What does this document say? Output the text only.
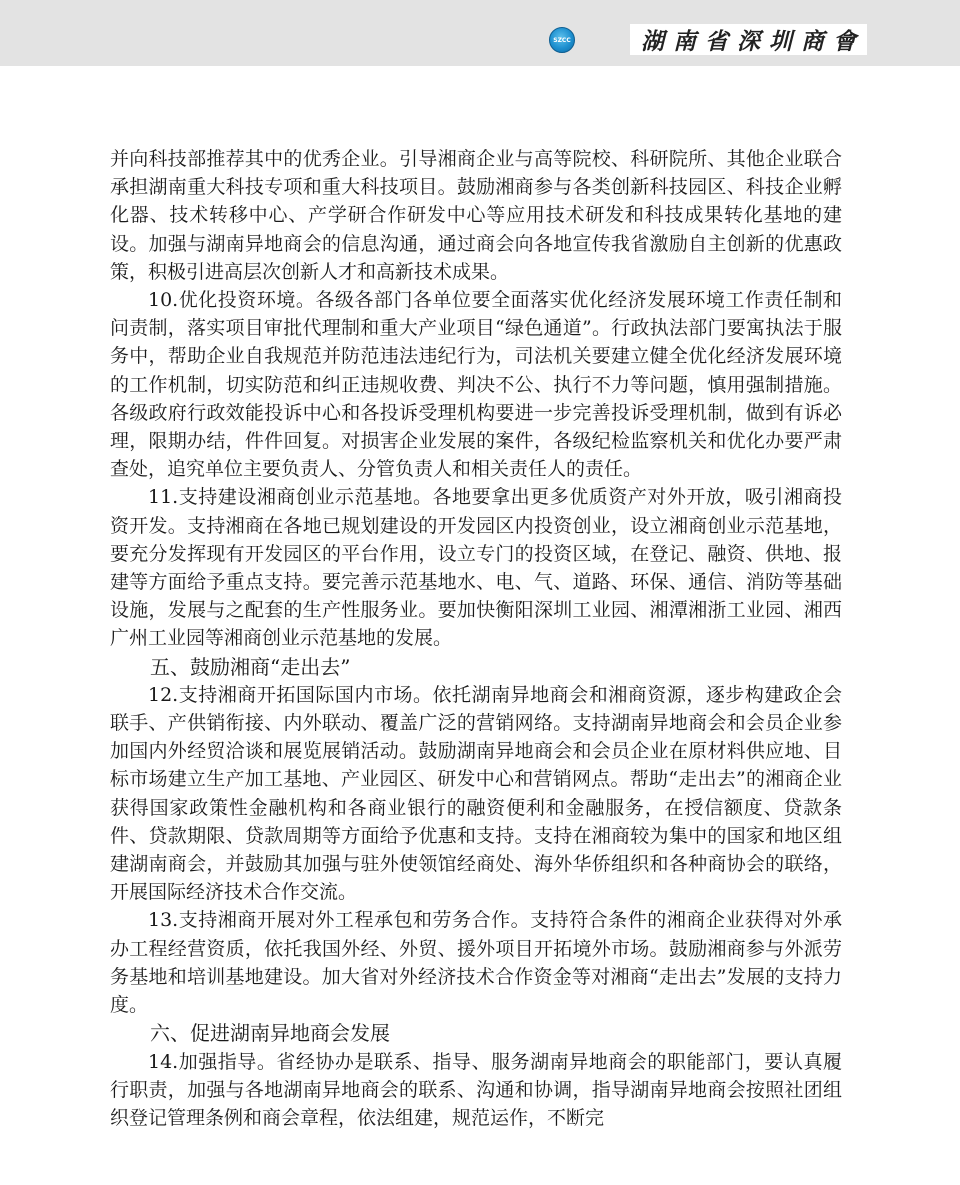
SZCC	湖南省深圳商會

并向科技部推荐其中的优秀企业。引导湘商企业与高等院校、科研院所、其他企业联合承担湖南重大科技专项和重大科技项目。鼓励湘商参与各类创新科技园区、科技企业孵化器、技术转移中心、产学研合作研发中心等应用技术研发和科技成果转化基地的建设。加强与湖南异地商会的信息沟通，通过商会向各地宣传我省激励自主创新的优惠政策，积极引进高层次创新人才和高新技术成果。

10.优化投资环境。各级各部门各单位要全面落实优化经济发展环境工作责任制和问责制，落实项目审批代理制和重大产业项目“绿色通道”。行政执法部门要寓执法于服务中，帮助企业自我规范并防范违法违纪行为，司法机关要建立健全优化经济发展环境的工作机制，切实防范和纠正违规收费、判决不公、执行不力等问题，慎用强制措施。各级政府行政效能投诉中心和各投诉受理机构要进一步完善投诉受理机制，做到有诉必理，限期办结，件件回复。对损害企业发展的案件，各级纪检监察机关和优化办要严肃查处，追究单位主要负责人、分管负责人和相关责任人的责任。

11.支持建设湘商创业示范基地。各地要拿出更多优质资产对外开放，吸引湘商投资开发。支持湘商在各地已规划建设的开发园区内投资创业，设立湘商创业示范基地，要充分发挥现有开发园区的平台作用，设立专门的投资区域，在登记、融资、供地、报建等方面给予重点支持。要完善示范基地水、电、气、道路、环保、通信、消防等基础设施，发展与之配套的生产性服务业。要加快衡阳深圳工业园、湘潭湘浙工业园、湘西广州工业园等湘商创业示范基地的发展。

五、鼓励湘商“走出去”

12.支持湘商开拓国际国内市场。依托湖南异地商会和湘商资源，逐步构建政企会联手、产供销衔接、内外联动、覆盖广泛的营销网络。支持湖南异地商会和会员企业参加国内外经贸洽谈和展览展销活动。鼓励湖南异地商会和会员企业在原材料供应地、目标市场建立生产加工基地、产业园区、研发中心和营销网点。帮助“走出去”的湘商企业获得国家政策性金融机构和各商业银行的融资便利和金融服务，在授信额度、贷款条件、贷款期限、贷款周期等方面给予优惠和支持。支持在湘商较为集中的国家和地区组建湖南商会，并鼓励其加强与驻外使领馆经商处、海外华侨组织和各种商协会的联络，开展国际经济技术合作交流。

13.支持湘商开展对外工程承包和劳务合作。支持符合条件的湘商企业获得对外承办工程经营资质，依托我国外经、外贸、援外项目开拓境外市场。鼓励湘商参与外派劳务基地和培训基地建设。加大省对外经济技术合作资金等对湘商“走出去”发展的支持力度。

六、促进湖南异地商会发展

14.加强指导。省经协办是联系、指导、服务湖南异地商会的职能部门，要认真履行职责，加强与各地湖南异地商会的联系、沟通和协调，指导湖南异地商会按照社团组织登记管理条例和商会章程，依法组建，规范运作，不断完
